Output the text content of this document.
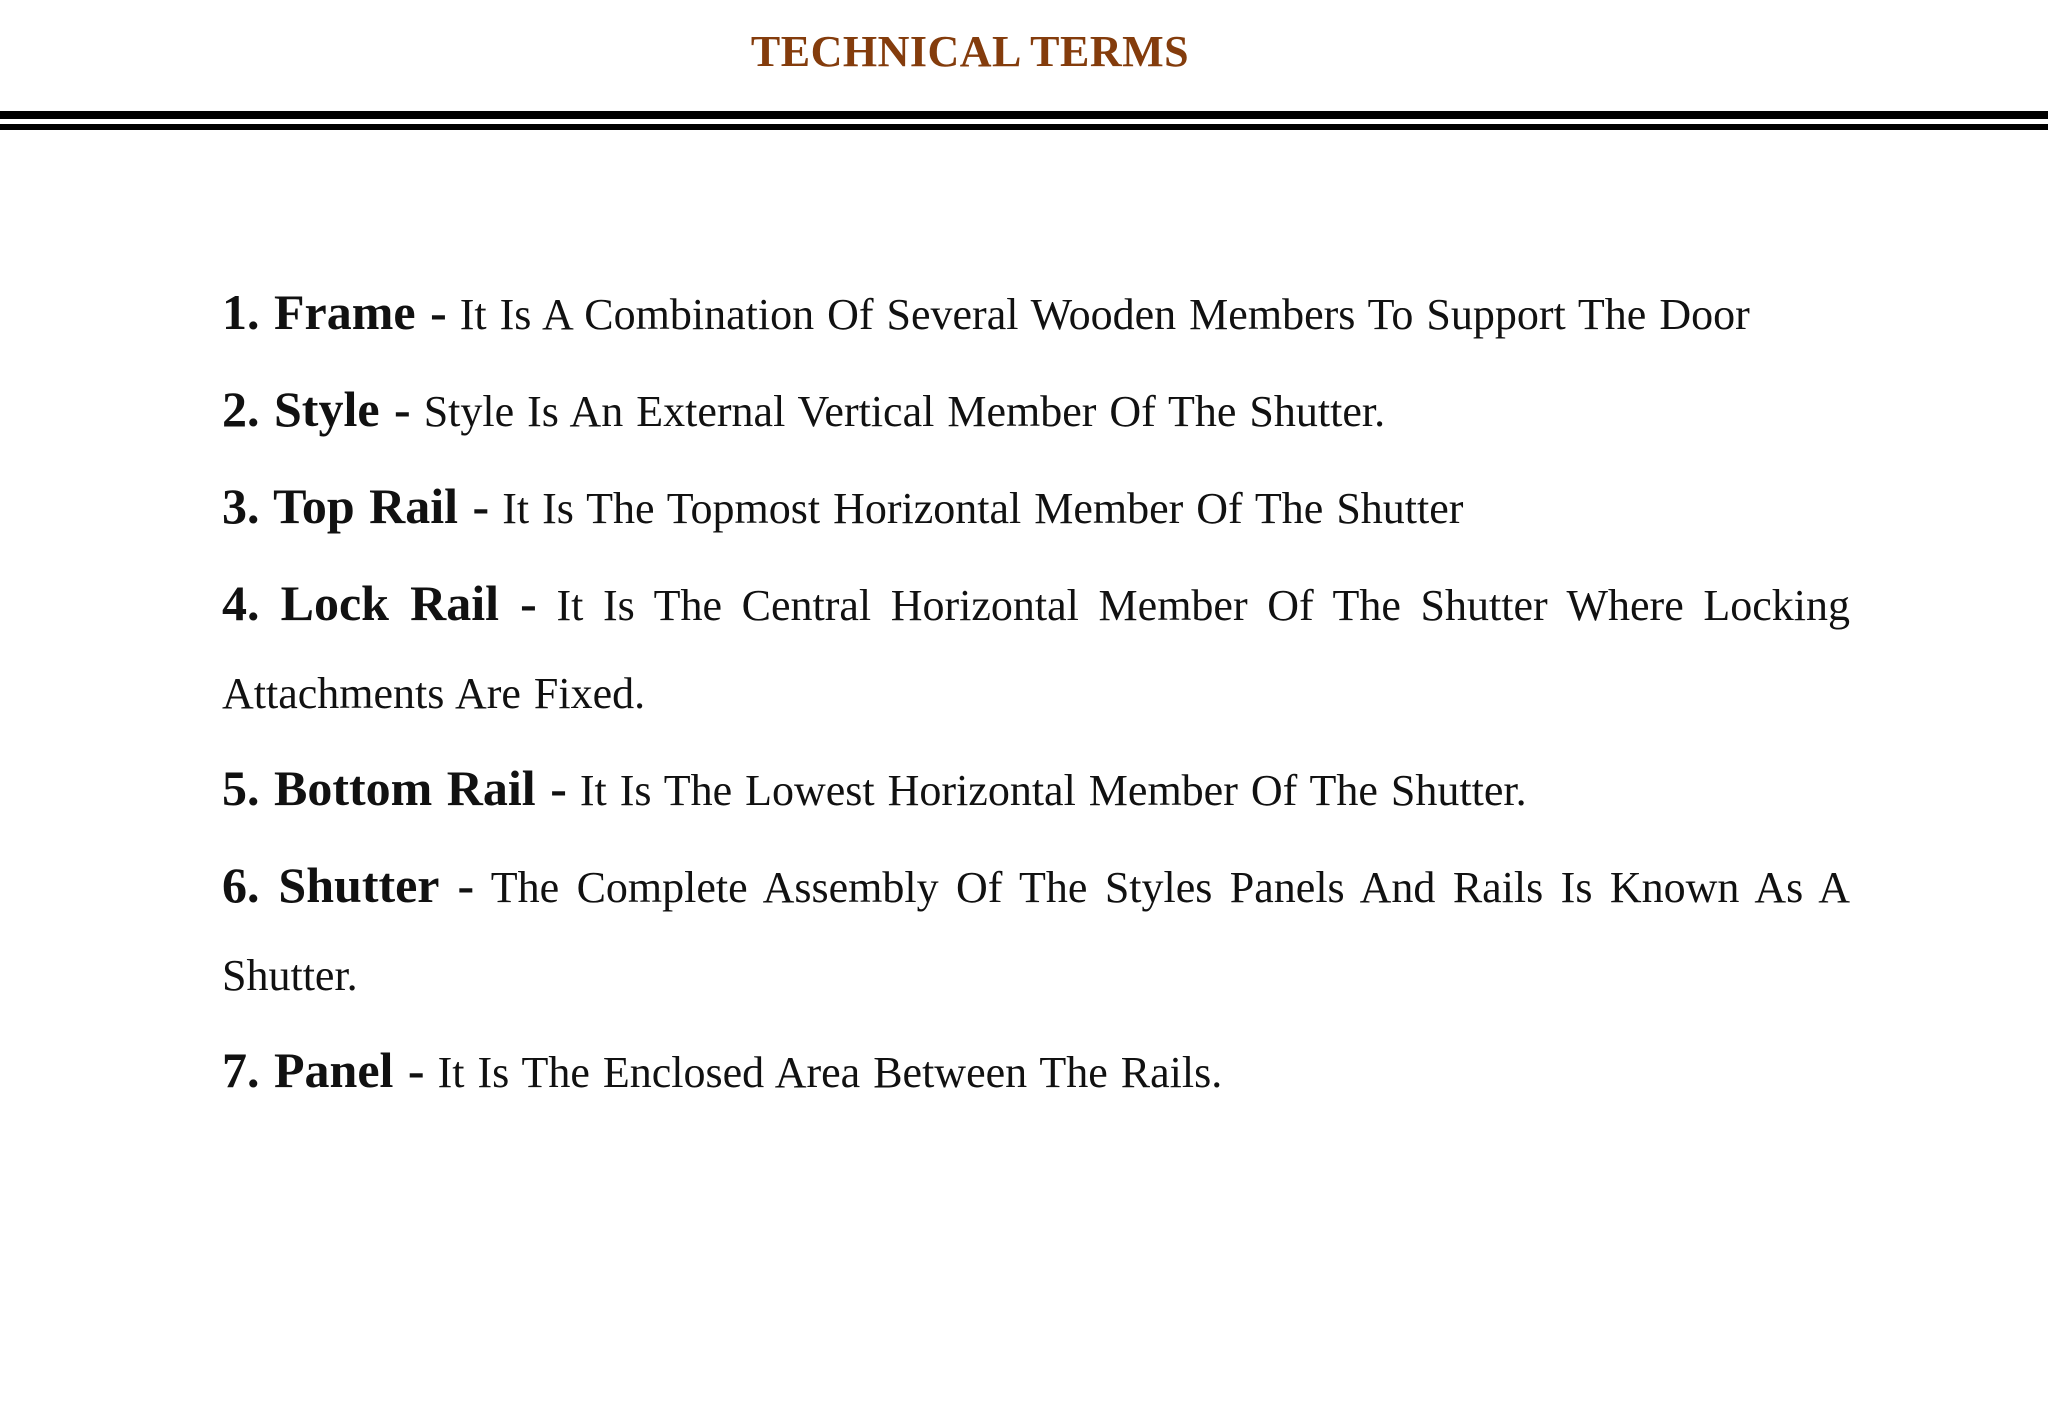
TECHNICAL TERMS
1. Frame - It Is A Combination Of Several Wooden Members To Support The Door
2. Style - Style Is An External Vertical Member Of The Shutter.
3. Top Rail - It Is The Topmost Horizontal Member Of The Shutter
4. Lock Rail - It Is The Central Horizontal Member Of The Shutter Where Locking Attachments Are Fixed.
5. Bottom Rail - It Is The Lowest Horizontal Member Of The Shutter.
6. Shutter - The Complete Assembly Of The Styles Panels And Rails Is Known As A Shutter.
7. Panel - It Is The Enclosed Area Between The Rails.
